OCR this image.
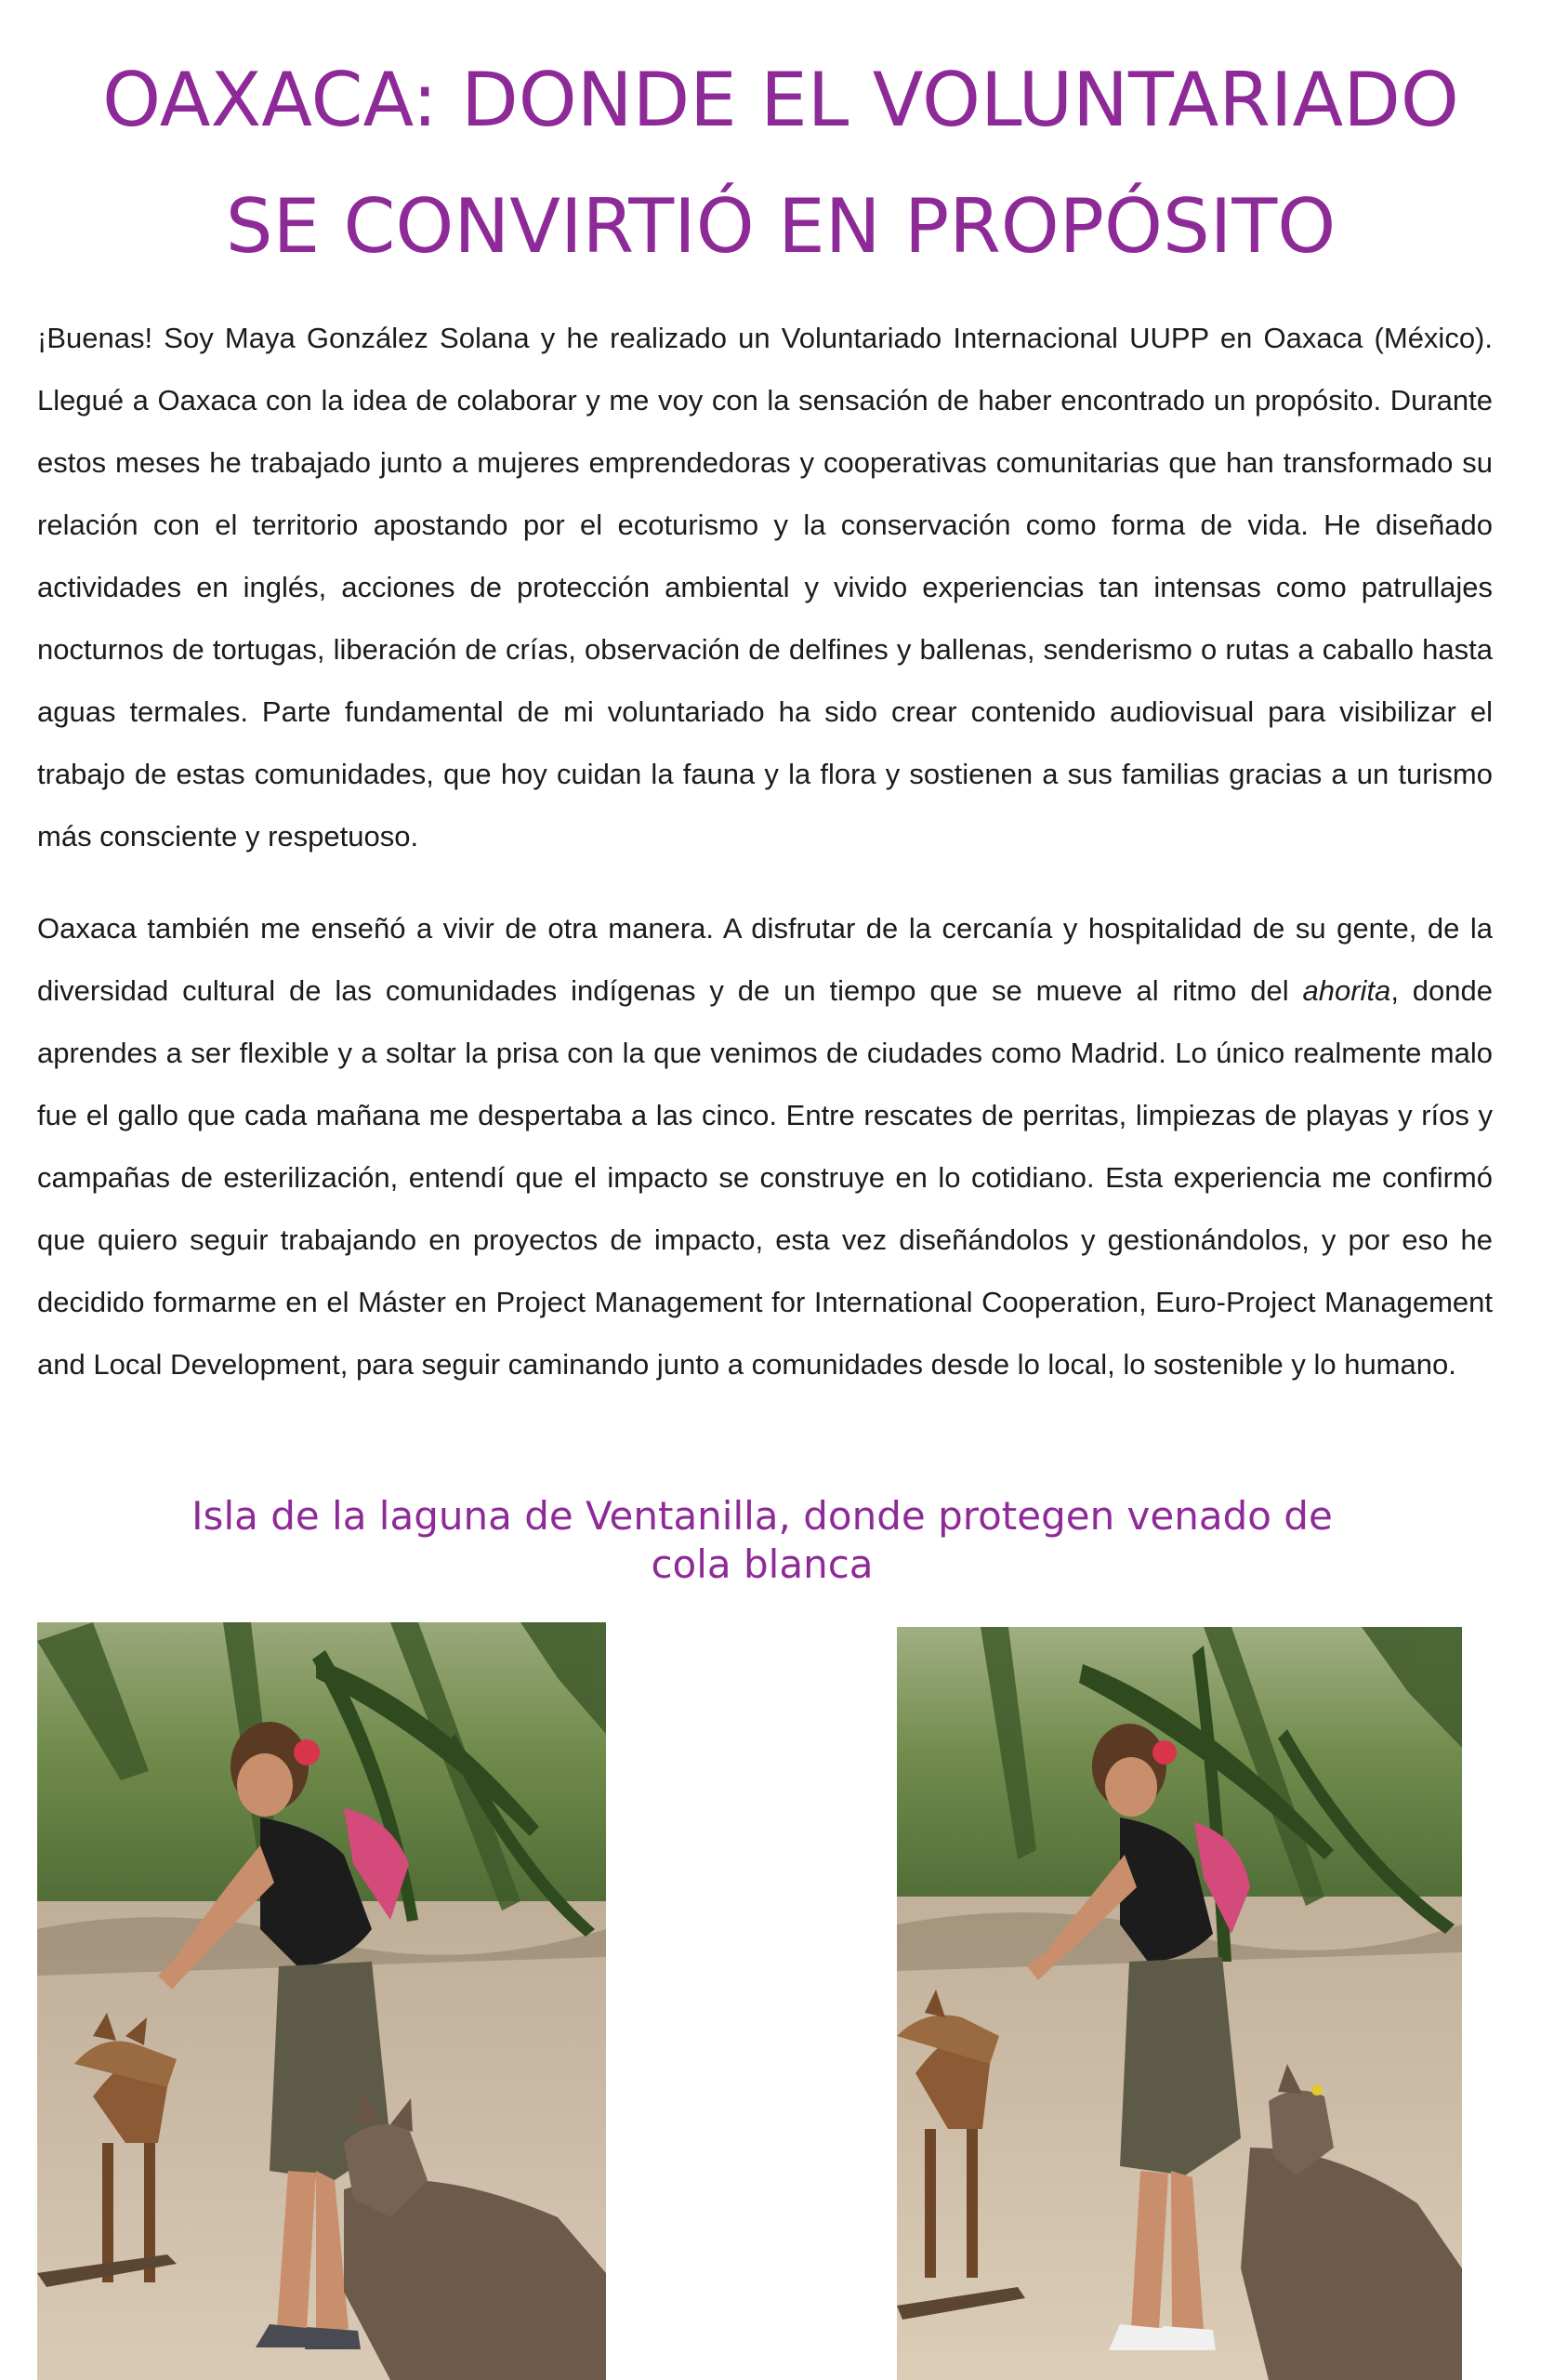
OAXACA: DONDE EL VOLUNTARIADO
SE CONVIRTIÓ EN PROPÓSITO

¡Buenas! Soy Maya González Solana y he realizado un Voluntariado Internacional UUPP en Oaxaca (México). Llegué a Oaxaca con la idea de colaborar y me voy con la sensación de haber encontrado un propósito. Durante estos meses he trabajado junto a mujeres emprendedoras y cooperativas comunitarias que han transformado su relación con el territorio apostando por el ecoturismo y la conservación como forma de vida. He diseñado actividades en inglés, acciones de protección ambiental y vivido experiencias tan intensas como patrullajes nocturnos de tortugas, liberación de crías, observación de delfines y ballenas, senderismo o rutas a caballo hasta aguas termales. Parte fundamental de mi voluntariado ha sido crear contenido audiovisual para visibilizar el trabajo de estas comunidades, que hoy cuidan la fauna y la flora y sostienen a sus familias gracias a un turismo más consciente y respetuoso.

Oaxaca también me enseñó a vivir de otra manera. A disfrutar de la cercanía y hospitalidad de su gente, de la diversidad cultural de las comunidades indígenas y de un tiempo que se mueve al ritmo del ahorita, donde aprendes a ser flexible y a soltar la prisa con la que venimos de ciudades como Madrid. Lo único realmente malo fue el gallo que cada mañana me despertaba a las cinco. Entre rescates de perritas, limpiezas de playas y ríos y campañas de esterilización, entendí que el impacto se construye en lo cotidiano. Esta experiencia me confirmó que quiero seguir trabajando en proyectos de impacto, esta vez diseñándolos y gestionándolos, y por eso he decidido formarme en el Máster en Project Management for International Cooperation, Euro-Project Management and Local Development, para seguir caminando junto a comunidades desde lo local, lo sostenible y lo humano.

Isla de la laguna de Ventanilla, donde protegen venado de
cola blanca
